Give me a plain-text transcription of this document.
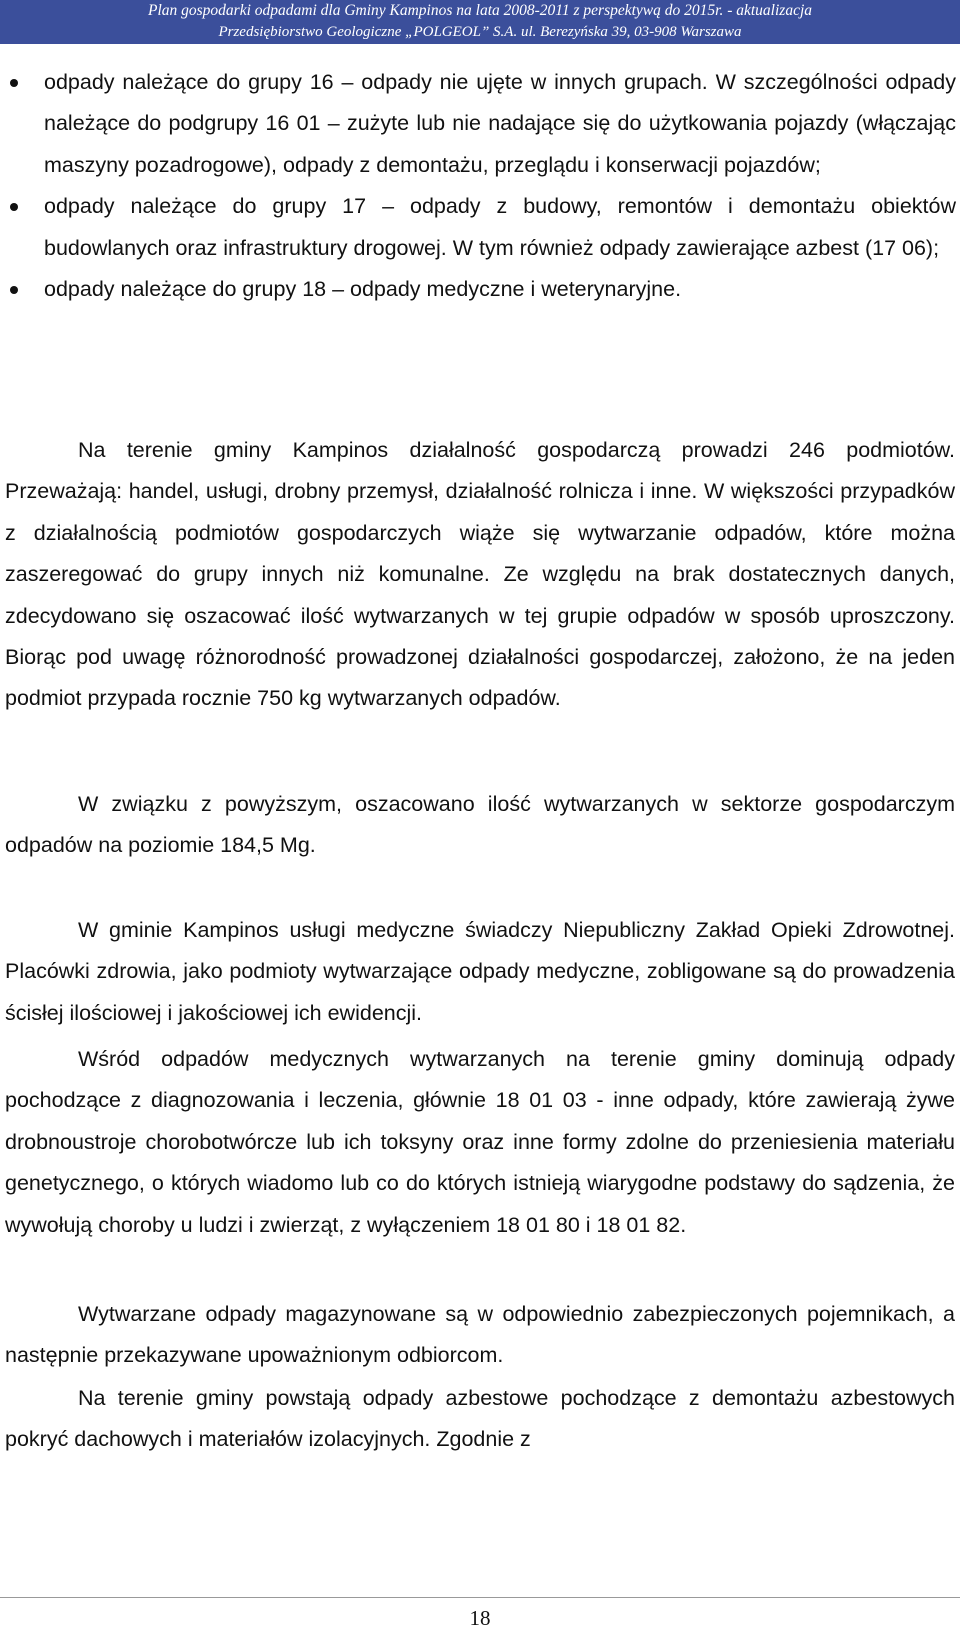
Plan gospodarki odpadami dla Gminy Kampinos na lata 2008-2011 z perspektywą do 2015r. - aktualizacja
Przedsiębiorstwo Geologiczne „POLGEOL” S.A. ul. Berezyńska 39, 03-908 Warszawa
odpady należące do grupy 16 – odpady nie ujęte w innych grupach. W szczególności odpady należące do podgrupy 16 01 – zużyte lub nie nadające się do użytkowania pojazdy (włączając maszyny pozadrogowe), odpady z demontażu, przeglądu i konserwacji pojazdów;
odpady należące do grupy 17 – odpady z budowy, remontów i demontażu obiektów budowlanych oraz infrastruktury drogowej. W tym również odpady zawierające azbest (17 06);
odpady należące do grupy 18 – odpady medyczne i weterynaryjne.

Na terenie gminy Kampinos działalność gospodarczą prowadzi 246 podmiotów. Przeważają: handel, usługi, drobny przemysł, działalność rolnicza i inne. W większości przypadków z działalnością podmiotów gospodarczych wiąże się wytwarzanie odpadów, które można zaszeregować do grupy innych niż komunalne. Ze względu na brak dostatecznych danych, zdecydowano się oszacować ilość wytwarzanych w tej grupie odpadów w sposób uproszczony. Biorąc pod uwagę różnorodność prowadzonej działalności gospodarczej, założono, że na jeden podmiot przypada rocznie 750 kg wytwarzanych odpadów.

W związku z powyższym, oszacowano ilość wytwarzanych w sektorze gospodarczym odpadów na poziomie 184,5 Mg.

W gminie Kampinos usługi medyczne świadczy Niepubliczny Zakład Opieki Zdrowotnej. Placówki zdrowia, jako podmioty wytwarzające odpady medyczne, zobligowane są do prowadzenia ścisłej ilościowej i jakościowej ich ewidencji.

Wśród odpadów medycznych wytwarzanych na terenie gminy dominują odpady pochodzące z diagnozowania i leczenia, głównie 18 01 03 - inne odpady, które zawierają żywe drobnoustroje chorobotwórcze lub ich toksyny oraz inne formy zdolne do przeniesienia materiału genetycznego, o których wiadomo lub co do których istnieją wiarygodne podstawy do sądzenia, że wywołują choroby u ludzi i zwierząt, z wyłączeniem 18 01 80 i 18 01 82.

Wytwarzane odpady magazynowane są w odpowiednio zabezpieczonych pojemnikach, a następnie przekazywane upoważnionym odbiorcom.

Na terenie gminy powstają odpady azbestowe pochodzące z demontażu azbestowych pokryć dachowych i materiałów izolacyjnych. Zgodnie z

18
